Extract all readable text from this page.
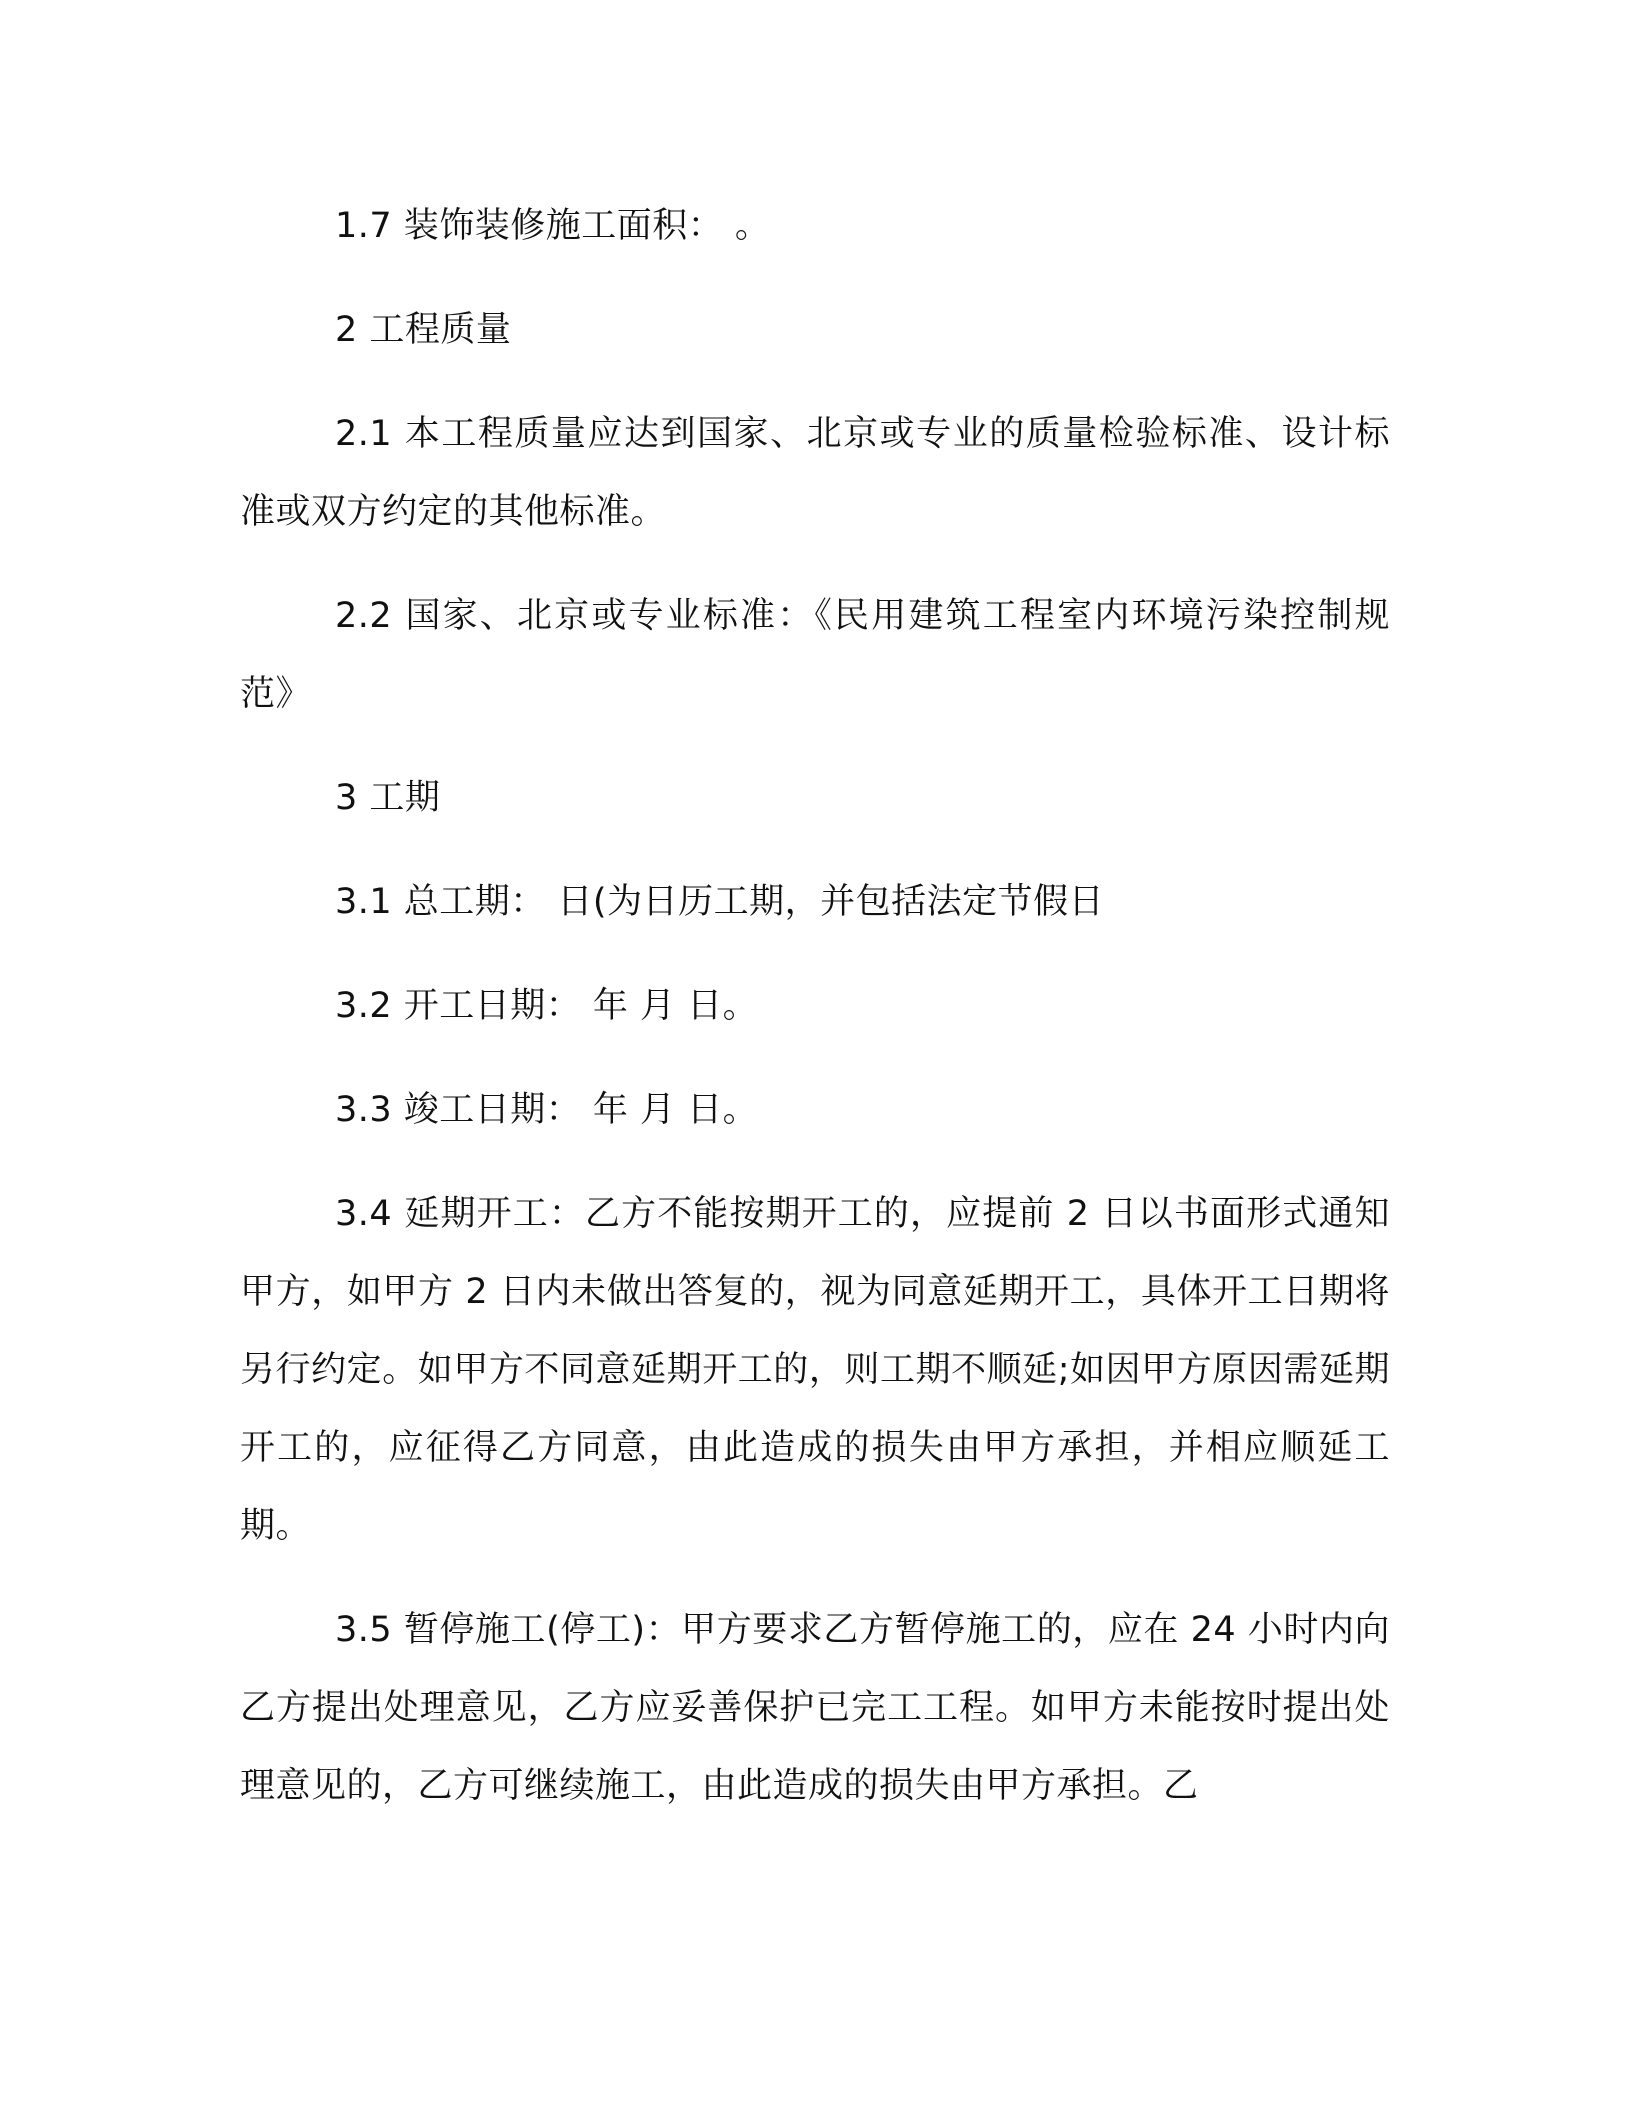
1.7 装饰装修施工面积： 。

2 工程质量

2.1 本工程质量应达到国家、北京或专业的质量检验标准、设计标准或双方约定的其他标准。

2.2 国家、北京或专业标准：《民用建筑工程室内环境污染控制规范》

3 工期

3.1 总工期： 日(为日历工期，并包括法定节假日

3.2 开工日期： 年 月 日。

3.3 竣工日期： 年 月 日。

3.4 延期开工：乙方不能按期开工的，应提前 2 日以书面形式通知甲方，如甲方 2 日内未做出答复的，视为同意延期开工，具体开工日期将另行约定。如甲方不同意延期开工的，则工期不顺延;如因甲方原因需延期开工的，应征得乙方同意，由此造成的损失由甲方承担，并相应顺延工期。

3.5 暂停施工(停工)：甲方要求乙方暂停施工的，应在 24 小时内向乙方提出处理意见，乙方应妥善保护已完工工程。如甲方未能按时提出处理意见的，乙方可继续施工，由此造成的损失由甲方承担。乙
